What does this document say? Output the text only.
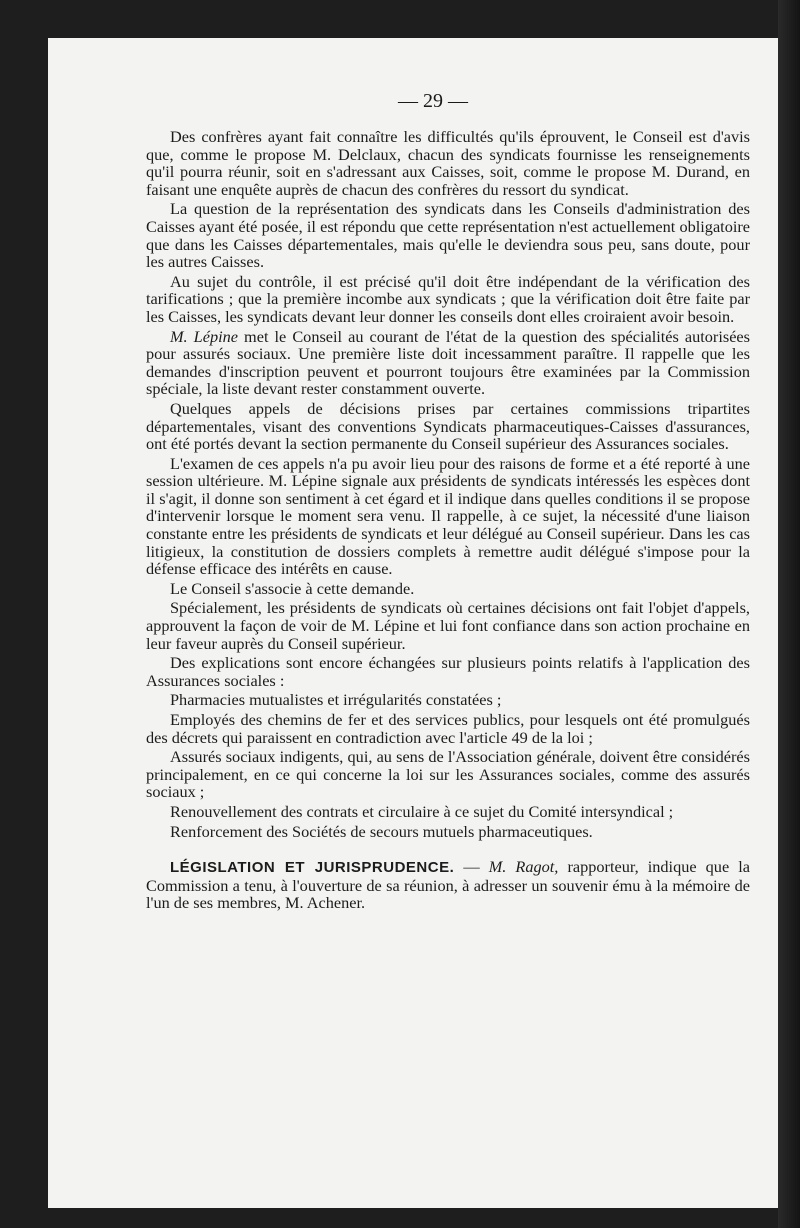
— 29 —

Des confrères ayant fait connaître les difficultés qu'ils éprouvent, le Conseil est d'avis que, comme le propose M. Delclaux, chacun des syndicats fournisse les renseignements qu'il pourra réunir, soit en s'adressant aux Caisses, soit, comme le propose M. Durand, en faisant une enquête auprès de chacun des confrères du ressort du syndicat.

La question de la représentation des syndicats dans les Conseils d'administration des Caisses ayant été posée, il est répondu que cette représentation n'est actuellement obligatoire que dans les Caisses départementales, mais qu'elle le deviendra sous peu, sans doute, pour les autres Caisses.

Au sujet du contrôle, il est précisé qu'il doit être indépendant de la vérification des tarifications ; que la première incombe aux syndicats ; que la vérification doit être faite par les Caisses, les syndicats devant leur donner les conseils dont elles croiraient avoir besoin.

M. Lépine met le Conseil au courant de l'état de la question des spécialités autorisées pour assurés sociaux. Une première liste doit incessamment paraître. Il rappelle que les demandes d'inscription peuvent et pourront toujours être examinées par la Commission spéciale, la liste devant rester constamment ouverte.

Quelques appels de décisions prises par certaines commissions tripartites départementales, visant des conventions Syndicats pharmaceutiques-Caisses d'assurances, ont été portés devant la section permanente du Conseil supérieur des Assurances sociales.

L'examen de ces appels n'a pu avoir lieu pour des raisons de forme et a été reporté à une session ultérieure. M. Lépine signale aux présidents de syndicats intéressés les espèces dont il s'agit, il donne son sentiment à cet égard et il indique dans quelles conditions il se propose d'intervenir lorsque le moment sera venu. Il rappelle, à ce sujet, la nécessité d'une liaison constante entre les présidents de syndicats et leur délégué au Conseil supérieur. Dans les cas litigieux, la constitution de dossiers complets à remettre audit délégué s'impose pour la défense efficace des intérêts en cause.

Le Conseil s'associe à cette demande.

Spécialement, les présidents de syndicats où certaines décisions ont fait l'objet d'appels, approuvent la façon de voir de M. Lépine et lui font confiance dans son action prochaine en leur faveur auprès du Conseil supérieur.

Des explications sont encore échangées sur plusieurs points relatifs à l'application des Assurances sociales :

Pharmacies mutualistes et irrégularités constatées ;

Employés des chemins de fer et des services publics, pour lesquels ont été promulgués des décrets qui paraissent en contradiction avec l'article 49 de la loi ;

Assurés sociaux indigents, qui, au sens de l'Association générale, doivent être considérés principalement, en ce qui concerne la loi sur les Assurances sociales, comme des assurés sociaux ;

Renouvellement des contrats et circulaire à ce sujet du Comité intersyndical ;

Renforcement des Sociétés de secours mutuels pharmaceutiques.

LÉGISLATION ET JURISPRUDENCE. — M. Ragot, rapporteur, indique que la Commission a tenu, à l'ouverture de sa réunion, à adresser un souvenir ému à la mémoire de l'un de ses membres, M. Achener.
